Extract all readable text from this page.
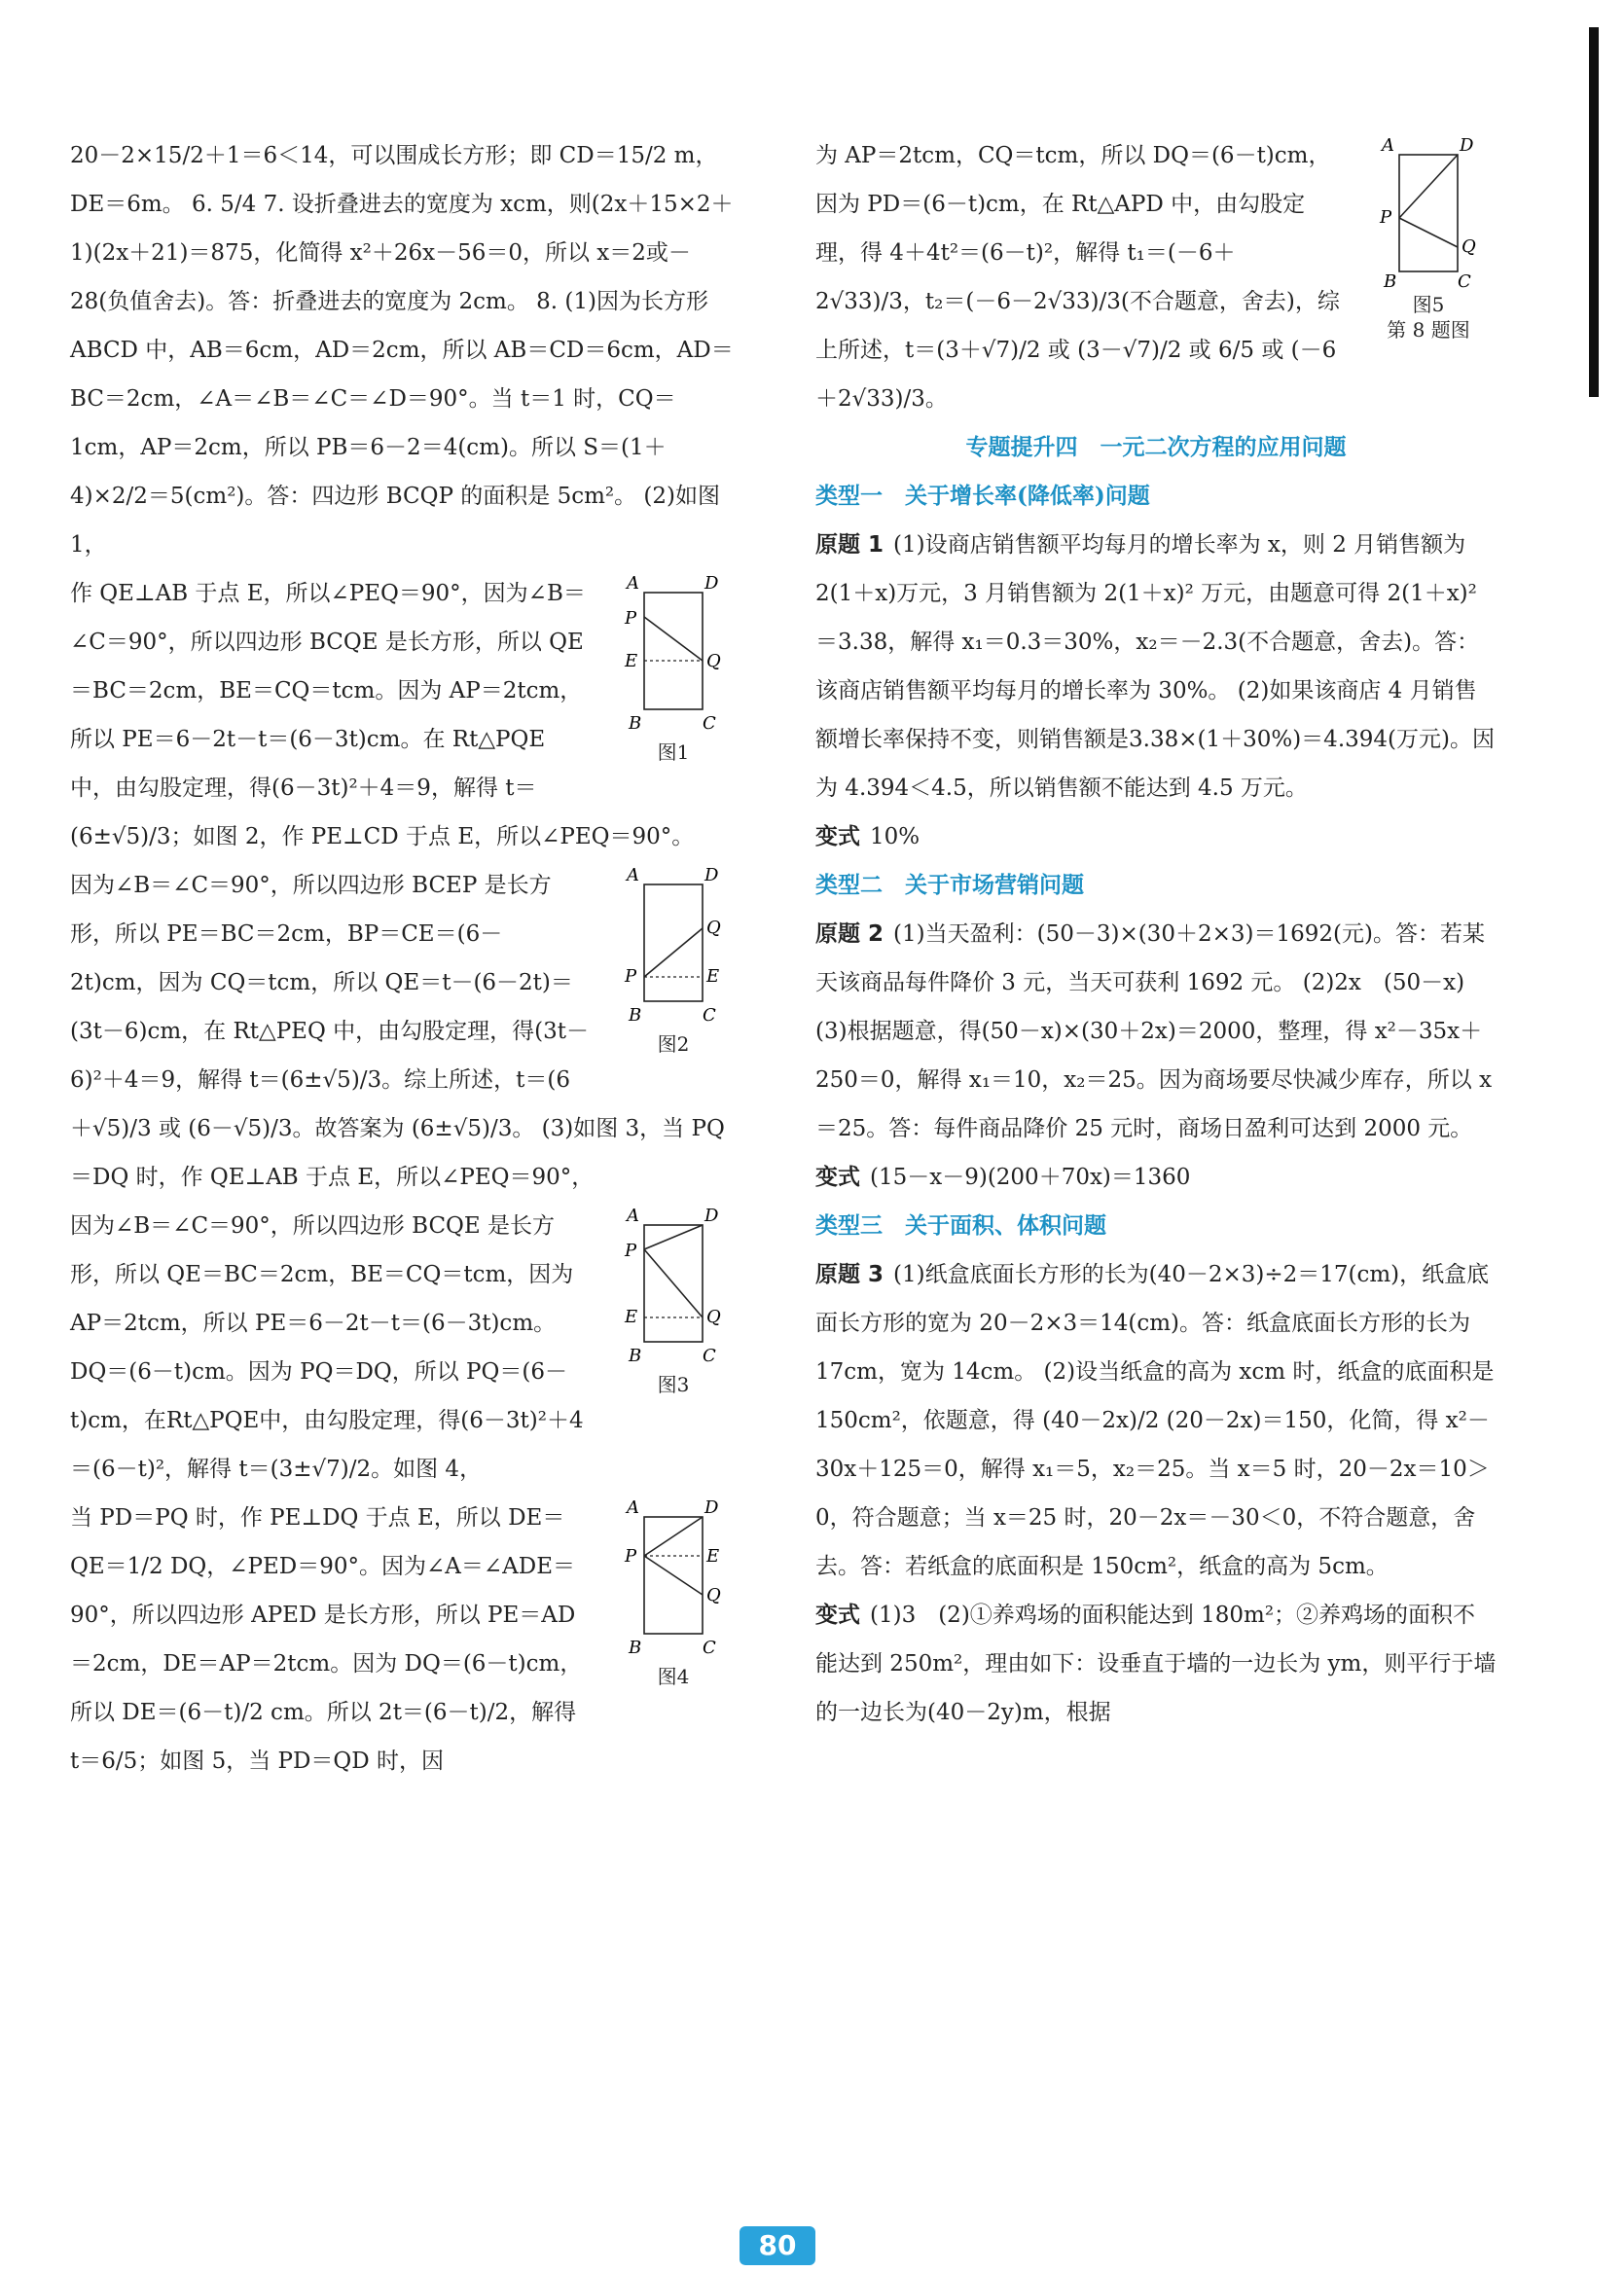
20－2×15/2＋1＝6＜14，可以围成长方形；即 CD＝15/2 m，DE＝6m。 6. 5/4 7. 设折叠进去的宽度为 xcm，则(2x＋15×2＋1)(2x＋21)＝875，化简得 x²＋26x－56＝0，所以 x＝2或－28(负值舍去)。答：折叠进去的宽度为 2cm。 8. (1)因为长方形 ABCD 中，AB＝6cm，AD＝2cm，所以 AB＝CD＝6cm，AD＝BC＝2cm，∠A＝∠B＝∠C＝∠D＝90°。当 t＝1 时，CQ＝1cm，AP＝2cm，所以 PB＝6－2＝4(cm)。所以 S＝(1＋4)×2/2＝5(cm²)。答：四边形 BCQP 的面积是 5cm²。 (2)如图1，

A	D
P
E	Q
B	C
图1

作 QE⊥AB 于点 E，所以∠PEQ＝90°，因为∠B＝∠C＝90°，所以四边形 BCQE 是长方形，所以 QE＝BC＝2cm，BE＝CQ＝tcm。因为 AP＝2tcm，所以 PE＝6－2t－t＝(6－3t)cm。在 Rt△PQE 中，由勾股定理，得(6－3t)²＋4＝9，解得 t＝(6±√5)/3；如图 2，作 PE⊥CD 于点 E，所以∠PEQ＝90°。

A	D
Q
P	E
B	C
图2

因为∠B＝∠C＝90°，所以四边形 BCEP 是长方形，所以 PE＝BC＝2cm，BP＝CE＝(6－2t)cm，因为 CQ＝tcm，所以 QE＝t－(6－2t)＝(3t－6)cm，在 Rt△PEQ 中，由勾股定理，得(3t－6)²＋4＝9，解得 t＝(6±√5)/3。综上所述，t＝(6＋√5)/3 或 (6－√5)/3。故答案为 (6±√5)/3。 (3)如图 3，当 PQ＝DQ 时，作 QE⊥AB 于点 E，所以∠PEQ＝90°，

A	D
P
E	Q
B	C
图3

因为∠B＝∠C＝90°，所以四边形 BCQE 是长方形，所以 QE＝BC＝2cm，BE＝CQ＝tcm，因为 AP＝2tcm，所以 PE＝6－2t－t＝(6－3t)cm。DQ＝(6－t)cm。因为 PQ＝DQ，所以 PQ＝(6－t)cm，在Rt△PQE中，由勾股定理，得(6－3t)²＋4＝(6－t)²，解得 t＝(3±√7)/2。如图 4，

A	D
P	E
Q
B	C
图4

当 PD＝PQ 时，作 PE⊥DQ 于点 E，所以 DE＝QE＝1/2 DQ，∠PED＝90°。因为∠A＝∠ADE＝90°，所以四边形 APED 是长方形，所以 PE＝AD＝2cm，DE＝AP＝2tcm。因为 DQ＝(6－t)cm，所以 DE＝(6－t)/2 cm。所以 2t＝(6－t)/2，解得 t＝6/5；如图 5，当 PD＝QD 时，因

A	D
P
Q
B	C
图5
第 8 题图

为 AP＝2tcm，CQ＝tcm，所以 DQ＝(6－t)cm，因为 PD＝(6－t)cm，在 Rt△APD 中，由勾股定理，得 4＋4t²＝(6－t)²，解得 t₁＝(－6＋2√33)/3，t₂＝(－6－2√33)/3(不合题意，舍去)，综上所述，t＝(3＋√7)/2 或 (3－√7)/2 或 6/5 或 (－6＋2√33)/3。

专题提升四　一元二次方程的应用问题

类型一　关于增长率(降低率)问题

原题 1 (1)设商店销售额平均每月的增长率为 x，则 2 月销售额为 2(1＋x)万元，3 月销售额为 2(1＋x)² 万元，由题意可得 2(1＋x)²＝3.38，解得 x₁＝0.3＝30%，x₂＝－2.3(不合题意，舍去)。答：该商店销售额平均每月的增长率为 30%。 (2)如果该商店 4 月销售额增长率保持不变，则销售额是3.38×(1＋30%)＝4.394(万元)。因为 4.394＜4.5，所以销售额不能达到 4.5 万元。

变式 10%

类型二　关于市场营销问题

原题 2 (1)当天盈利：(50－3)×(30＋2×3)＝1692(元)。答：若某天该商品每件降价 3 元，当天可获利 1692 元。 (2)2x　(50－x)　(3)根据题意，得(50－x)×(30＋2x)＝2000，整理，得 x²－35x＋250＝0，解得 x₁＝10，x₂＝25。因为商场要尽快减少库存，所以 x＝25。答：每件商品降价 25 元时，商场日盈利可达到 2000 元。

变式 (15－x－9)(200＋70x)＝1360

类型三　关于面积、体积问题

原题 3 (1)纸盒底面长方形的长为(40－2×3)÷2＝17(cm)，纸盒底面长方形的宽为 20－2×3＝14(cm)。答：纸盒底面长方形的长为 17cm，宽为 14cm。 (2)设当纸盒的高为 xcm 时，纸盒的底面积是 150cm²，依题意，得 (40－2x)/2 (20－2x)＝150，化简，得 x²－30x＋125＝0，解得 x₁＝5，x₂＝25。当 x＝5 时，20－2x＝10＞0，符合题意；当 x＝25 时，20－2x＝－30＜0，不符合题意，舍去。答：若纸盒的底面积是 150cm²，纸盒的高为 5cm。

变式 (1)3　(2)①养鸡场的面积能达到 180m²；②养鸡场的面积不能达到 250m²，理由如下：设垂直于墙的一边长为 ym，则平行于墙的一边长为(40－2y)m，根据

80
